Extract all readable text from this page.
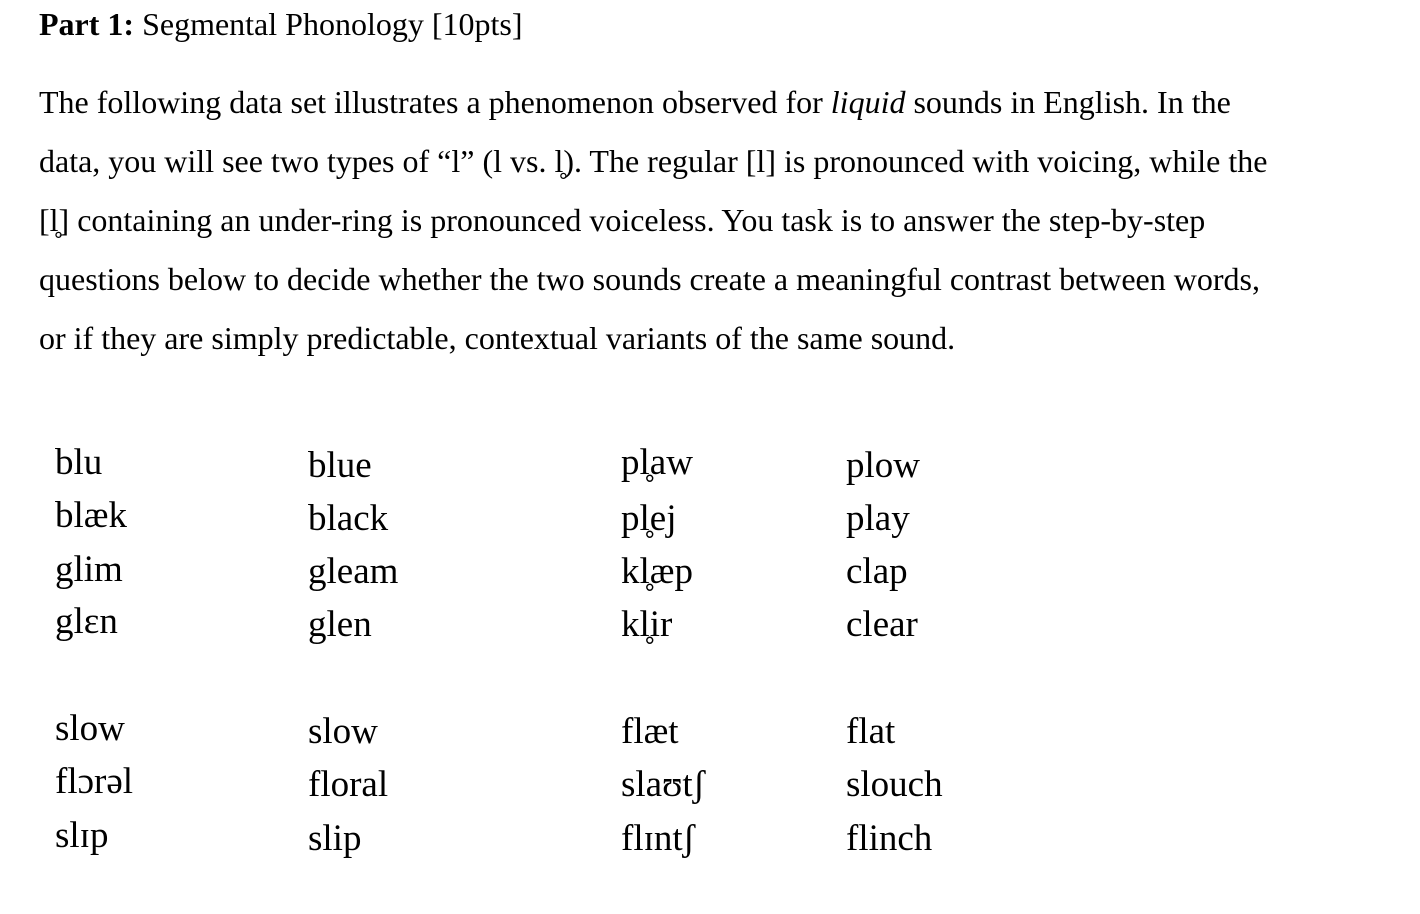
Part 1: Segmental Phonology [10pts]
The following data set illustrates a phenomenon observed for liquid sounds in English. In the
data, you will see two types of “l” (l vs. l̥). The regular [l] is pronounced with voicing, while the
[l̥] containing an under-ring is pronounced voiceless. You task is to answer the step-by-step
questions below to decide whether the two sounds create a meaningful contrast between words,
or if they are simply predictable, contextual variants of the same sound.
blu	blue	pl̥aw	plow
blæk	black	pl̥ej	play
glim	gleam	kl̥æp	clap
glɛn	glen	kl̥ir	clear
slow	slow	flæt	flat
flɔrəl	floral	slaʊtʃ	slouch
slɪp	slip	flɪntʃ	flinch
